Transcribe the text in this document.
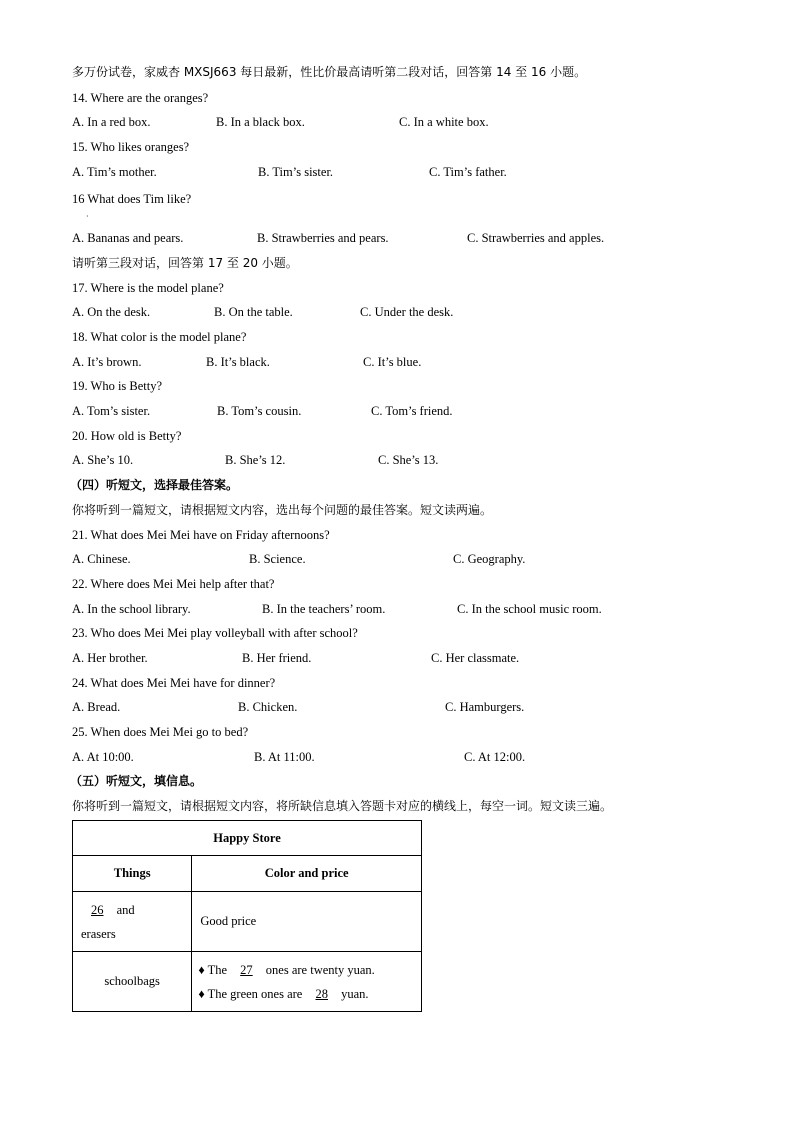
多万份试卷，家威杏 MXSJ663 每日最新，性比价最高请听第二段对话，回答第 14 至 16 小题。
14. Where are the oranges?
A. In a red box.	B. In a black box.	C. In a white box.
15. Who likes oranges?
A. Tim’s mother.	B. Tim’s sister.	C. Tim’s father.
16 What does Tim like?
·
A. Bananas and pears.	B. Strawberries and pears.	C. Strawberries and apples.
请听第三段对话，回答第 17 至 20 小题。
17. Where is the model plane?
A. On the desk.	B. On the table.	C. Under the desk.
18. What color is the model plane?
A. It’s brown.	B. It’s black.	C. It’s blue.
19. Who is Betty?
A. Tom’s sister.	B. Tom’s cousin.	C. Tom’s friend.
20. How old is Betty?
A. She’s 10.	B. She’s 12.	C. She’s 13.
（四）听短文，选择最佳答案。
你将听到一篇短文，请根据短文内容，选出每个问题的最佳答案。短文读两遍。
21. What does Mei Mei have on Friday afternoons?
A. Chinese.	B. Science.	C. Geography.
22. Where does Mei Mei help after that?
A. In the school library.	B. In the teachers’ room.	C. In the school music room.
23. Who does Mei Mei play volleyball with after school?
A. Her brother.	B. Her friend.	C. Her classmate.
24. What does Mei Mei have for dinner?
A. Bread.	B. Chicken.	C. Hamburgers.
25. When does Mei Mei go to bed?
A. At 10:00.	B. At 11:00.	C. At 12:00.
（五）听短文，填信息。
你将听到一篇短文，请根据短文内容，将所缺信息填入答题卡对应的横线上，每空一词。短文读三遍。
Happy Store	
Things	Color and price
26 and
erasers	Good price
schoolbags	♦ The 27 ones are twenty yuan.
♦ The green ones are 28 yuan.
